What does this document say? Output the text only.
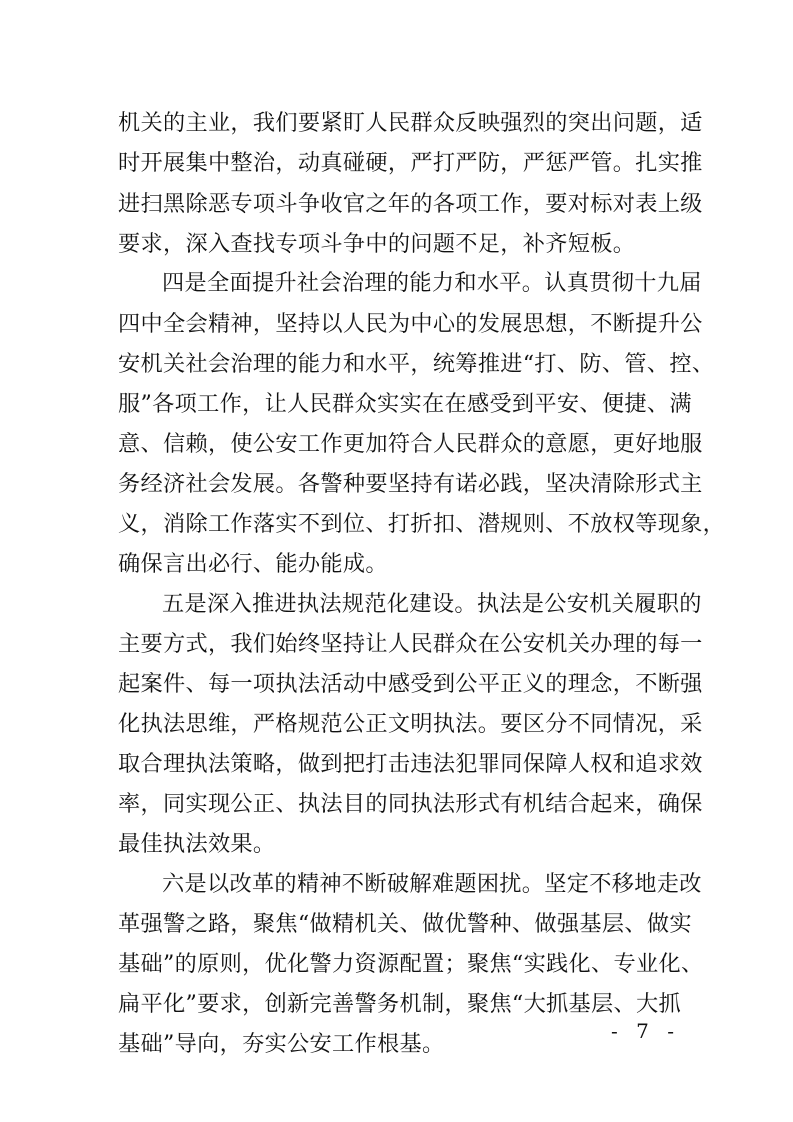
机关的主业，我们要紧盯人民群众反映强烈的突出问题，适
时开展集中整治，动真碰硬，严打严防，严惩严管。扎实推
进扫黑除恶专项斗争收官之年的各项工作，要对标对表上级
要求，深入查找专项斗争中的问题不足，补齐短板。
四是全面提升社会治理的能力和水平。认真贯彻十九届
四中全会精神，坚持以人民为中心的发展思想，不断提升公
安机关社会治理的能力和水平，统筹推进“打、防、管、控、
服”各项工作，让人民群众实实在在感受到平安、便捷、满
意、信赖，使公安工作更加符合人民群众的意愿，更好地服
务经济社会发展。各警种要坚持有诺必践，坚决清除形式主
义，消除工作落实不到位、打折扣、潜规则、不放权等现象，
确保言出必行、能办能成。
五是深入推进执法规范化建设。执法是公安机关履职的
主要方式，我们始终坚持让人民群众在公安机关办理的每一
起案件、每一项执法活动中感受到公平正义的理念，不断强
化执法思维，严格规范公正文明执法。要区分不同情况，采
取合理执法策略，做到把打击违法犯罪同保障人权和追求效
率，同实现公正、执法目的同执法形式有机结合起来，确保
最佳执法效果。
六是以改革的精神不断破解难题困扰。坚定不移地走改
革强警之路，聚焦“做精机关、做优警种、做强基层、做实
基础”的原则，优化警力资源配置；聚焦“实践化、专业化、
扁平化”要求，创新完善警务机制，聚焦“大抓基层、大抓
基础”导向，夯实公安工作根基。	- 7 -
